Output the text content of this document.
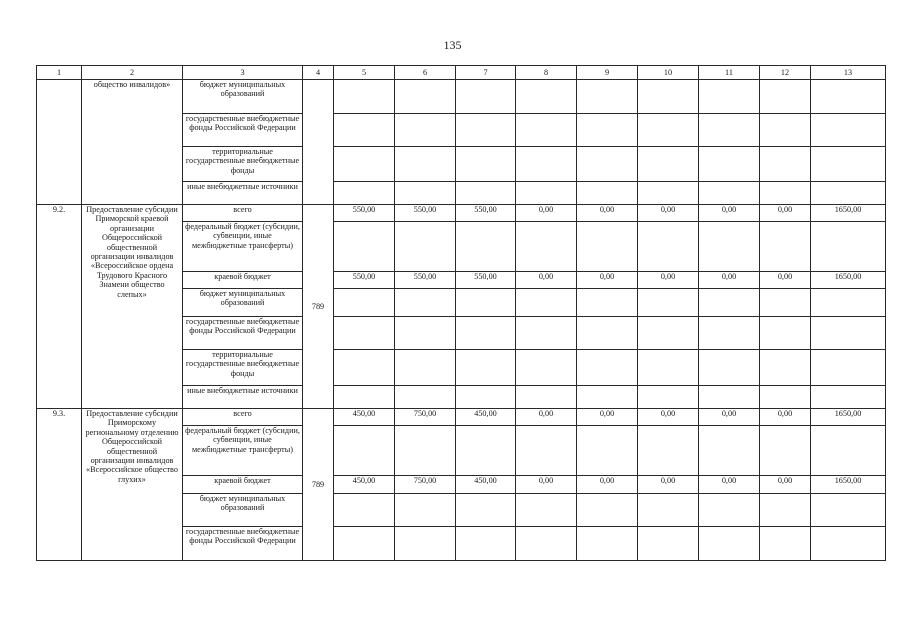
135
1	2	3	4	5	6	7	8	9	10	11	12	13
	общество инвалидов»	бюджет муниципальных образований										
		государственные внебюджетные фонды Российской Федерации										
		территориальные государственные внебюджетные фонды										
		иные внебюджетные источники										
9.2.	Предоставление субсидии Приморской краевой организации Общероссийской общественной организации инвалидов «Всероссийское ордена Трудового Красного Знамени общество слепых»	всего	789	550,00	550,00	550,00	0,00	0,00	0,00	0,00	0,00	1650,00
		федеральный бюджет (субсидии, субвенции, иные межбюджетные трансферты)										
		краевой бюджет		550,00	550,00	550,00	0,00	0,00	0,00	0,00	0,00	1650,00
		бюджет муниципальных образований										
		государственные внебюджетные фонды Российской Федерации										
		территориальные государственные внебюджетные фонды										
		иные внебюджетные источники										
9.3.	Предоставление субсидии Приморскому региональному отделению Общероссийской общественной организации инвалидов «Всероссийское общество глухих»	всего	789	450,00	750,00	450,00	0,00	0,00	0,00	0,00	0,00	1650,00
		федеральный бюджет (субсидии, субвенции, иные межбюджетные трансферты)										
		краевой бюджет		450,00	750,00	450,00	0,00	0,00	0,00	0,00	0,00	1650,00
		бюджет муниципальных образований										
		государственные внебюджетные фонды Российской Федерации										
